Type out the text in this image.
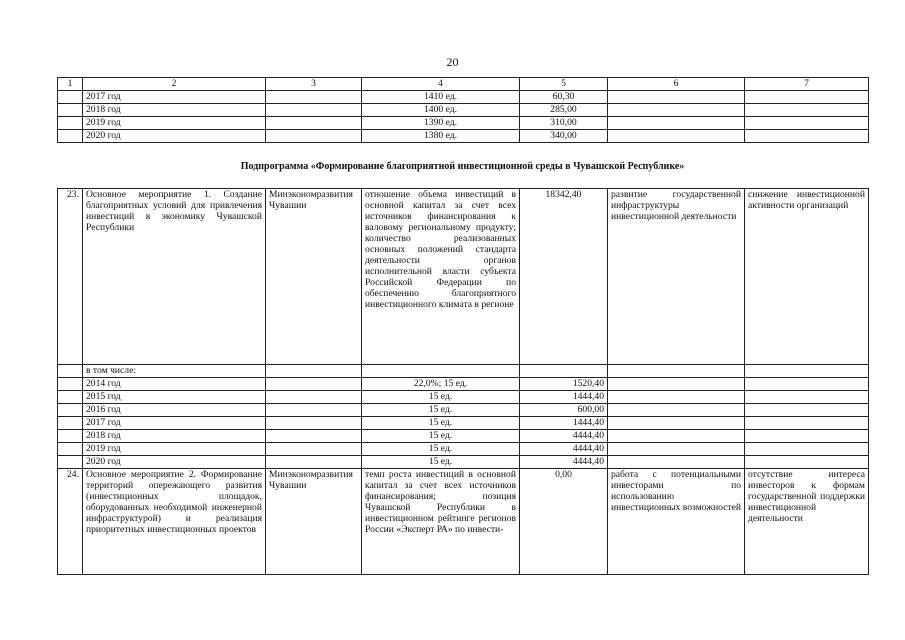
20
1	2	3	4	5	6	7
	2017 год		1410 ед.	60,30		
	2018 год		1400 ед.	285,00		
	2019 год		1390 ед.	310,00		
	2020 год		1380 ед.	340,00		
Подпрограмма «Формирование благоприятной инвестиционной среды в Чувашской Республике»
23.	Основное мероприятие 1. Создание благоприятных условий для привлечения инвестиций в экономику Чувашской Республики	Минэкономразвития Чувашии	отношение объема инвестиций в основной капитал за счет всех источников финансирования к валовому региональному продукту; количество реализованных основных положений стандарта деятельности органов исполнительной власти субъекта Российской Федерации по обеспечению благоприятного инвестиционного климата в регионе	18342,40	развитие государственной инфраструктуры инвестиционной деятельности	снижение инвестиционной активности организаций
	в том числе:					
	2014 год		22,0%; 15 ед.	1520,40		
	2015 год		15 ед.	1444,40		
	2016 год		15 ед.	600,00		
	2017 год		15 ед.	1444,40		
	2018 год		15 ед.	4444,40		
	2019 год		15 ед.	4444,40		
	2020 год		15 ед.	4444,40		
24.	Основное мероприятие 2. Формирование территорий опережающего развития (инвестиционных площадок, оборудованных необходимой инженерной инфраструктурой) и реализация приоритетных инвестиционных проектов	Минэкономразвития Чувашии	темп роста инвестиций в основной капитал за счет всех источников финансирования; позиция Чувашской Республики в инвестиционном рейтинге регионов России «Эксперт РА» по инвести-	0,00	работа с потенциальными инвесторами по использованию инвестиционных возможностей	отсутствие интереса инвесторов к формам государственной поддержки инвестиционной деятельности
